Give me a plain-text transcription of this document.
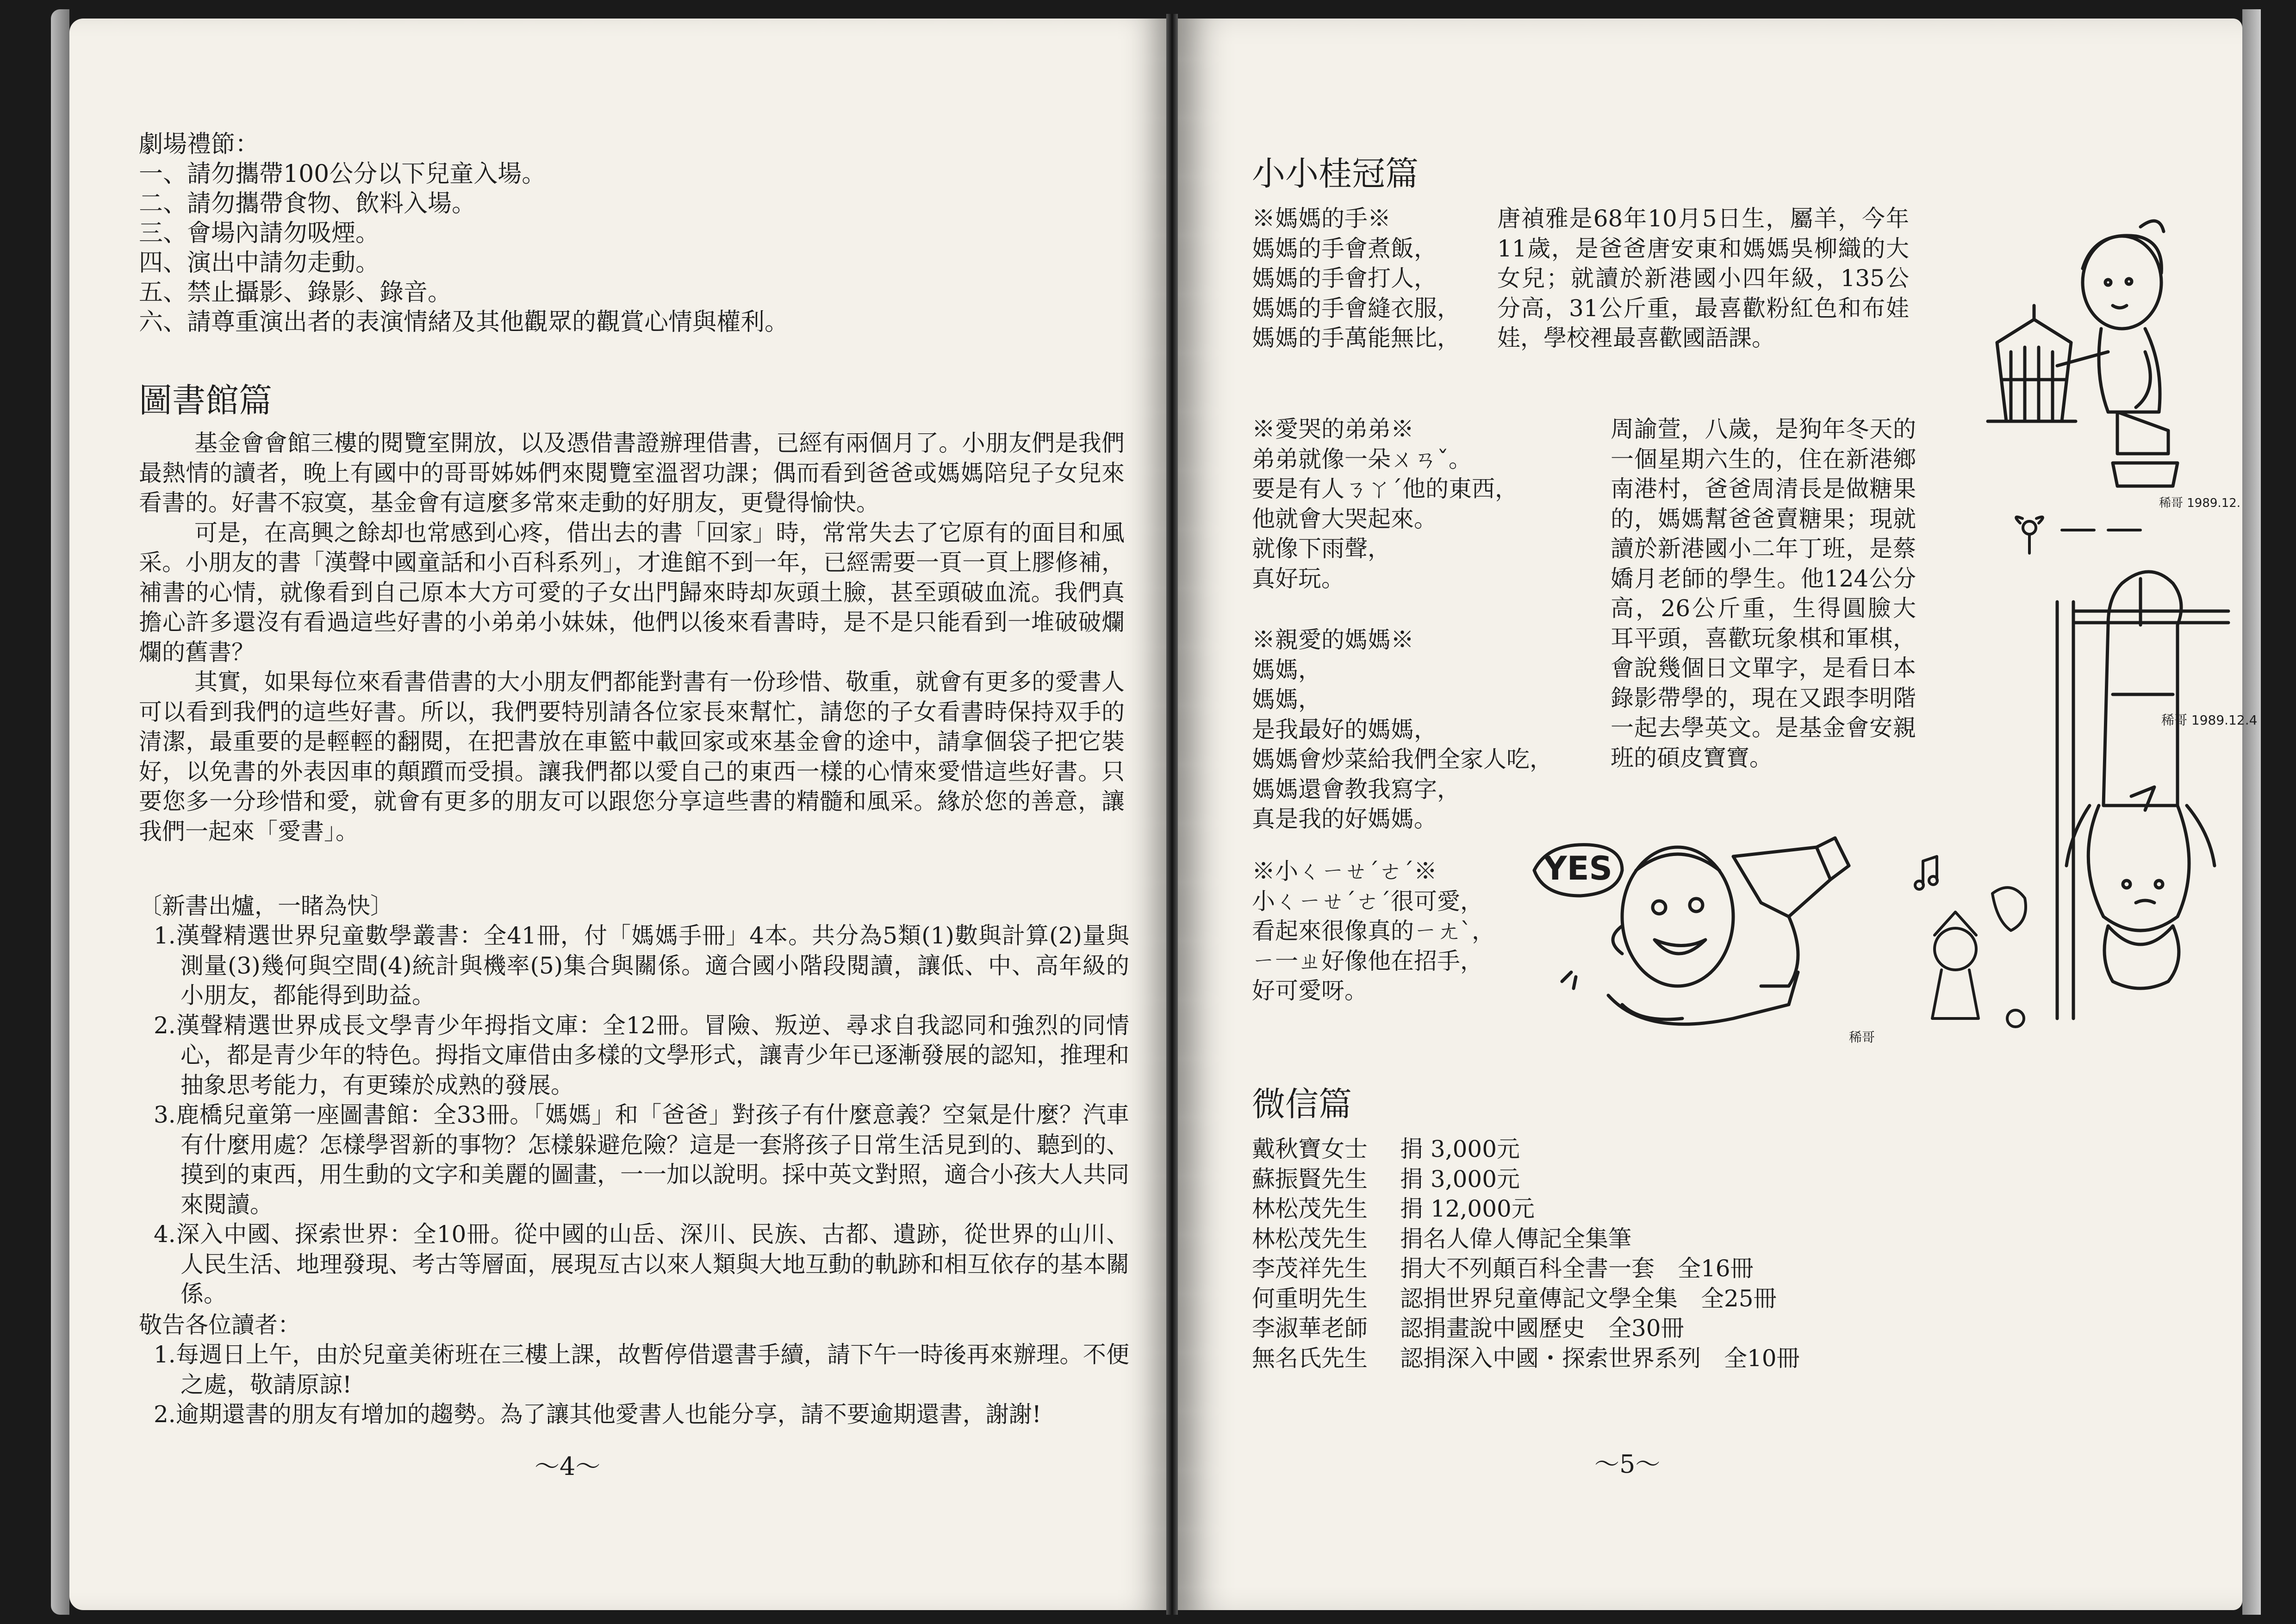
劇場禮節：
一、請勿攜帶100公分以下兒童入場。
二、請勿攜帶食物、飲料入場。
三、會場內請勿吸煙。
四、演出中請勿走動。
五、禁止攝影、錄影、錄音。
六、請尊重演出者的表演情緒及其他觀眾的觀賞心情與權利。
圖書館篇

基金會會館三樓的閱覽室開放，以及憑借書證辦理借書，已經有兩個月了。小朋友們是我們最熱情的讀者，晚上有國中的哥哥姊姊們來閱覽室溫習功課；偶而看到爸爸或媽媽陪兒子女兒來看書的。好書不寂寞，基金會有這麼多常來走動的好朋友，更覺得愉快。

可是，在高興之餘却也常感到心疼，借出去的書「回家」時，常常失去了它原有的面目和風采。小朋友的書「漢聲中國童話和小百科系列」，才進館不到一年，已經需要一頁一頁上膠修補，補書的心情，就像看到自己原本大方可愛的子女出門歸來時却灰頭土臉，甚至頭破血流。我們真擔心許多還沒有看過這些好書的小弟弟小妹妹，他們以後來看書時，是不是只能看到一堆破破爛爛的舊書？

其實，如果每位來看書借書的大小朋友們都能對書有一份珍惜、敬重，就會有更多的愛書人可以看到我們的這些好書。所以，我們要特別請各位家長來幫忙，請您的子女看書時保持双手的清潔，最重要的是輕輕的翻閱，在把書放在車籃中載回家或來基金會的途中，請拿個袋子把它裝好，以免書的外表因車的顛躓而受損。讓我們都以愛自己的東西一樣的心情來愛惜這些好書。只要您多一分珍惜和愛，就會有更多的朋友可以跟您分享這些書的精髓和風采。緣於您的善意，讓我們一起來「愛書」。

〔新書出爐，一睹為快〕
1.漢聲精選世界兒童數學叢書：全41冊，付「媽媽手冊」4本。共分為5類(1)數與計算(2)量與測量(3)幾何與空間(4)統計與機率(5)集合與關係。適合國小階段閱讀，讓低、中、高年級的小朋友，都能得到助益。
2.漢聲精選世界成長文學青少年拇指文庫：全12冊。冒險、叛逆、尋求自我認同和強烈的同情心，都是青少年的特色。拇指文庫借由多樣的文學形式，讓青少年已逐漸發展的認知，推理和抽象思考能力，有更臻於成熟的發展。
3.鹿橋兒童第一座圖書館：全33冊。「媽媽」和「爸爸」對孩子有什麼意義？空氣是什麼？汽車有什麼用處？怎樣學習新的事物？怎樣躲避危險？這是一套將孩子日常生活見到的、聽到的、摸到的東西，用生動的文字和美麗的圖畫，一一加以說明。採中英文對照，適合小孩大人共同來閱讀。
4.深入中國、探索世界：全10冊。從中國的山岳、深川、民族、古都、遺跡，從世界的山川、人民生活、地理發現、考古等層面，展現亙古以來人類與大地互動的軌跡和相互依存的基本關係。
敬告各位讀者：
1.每週日上午，由於兒童美術班在三樓上課，故暫停借還書手續，請下午一時後再來辦理。不便之處，敬請原諒!
2.逾期還書的朋友有增加的趨勢。為了讓其他愛書人也能分享，請不要逾期還書，謝謝!
～4～
小小桂冠篇
※媽媽的手※
媽媽的手會煮飯，
媽媽的手會打人，
媽媽的手會縫衣服，
媽媽的手萬能無比，
唐禎雅是68年10月5日生，屬羊，今年11歲，是爸爸唐安東和媽媽吳柳織的大女兒；就讀於新港國小四年級，135公分高，31公斤重，最喜歡粉紅色和布娃娃，學校裡最喜歡國語課。
※愛哭的弟弟※
弟弟就像一朵ㄨㄢˇ。
要是有人ㄋㄚˊ他的東西，
他就會大哭起來。
就像下雨聲，
真好玩。
周諭萱，八歲，是狗年冬天的一個星期六生的，住在新港鄉南港村，爸爸周清長是做糖果的，媽媽幫爸爸賣糖果；現就讀於新港國小二年丁班，是蔡嬌月老師的學生。他124公分高，26公斤重，生得圓臉大耳平頭，喜歡玩象棋和軍棋，會說幾個日文單字，是看日本錄影帶學的，現在又跟李明階一起去學英文。是基金會安親班的碩皮寶寶。
※親愛的媽媽※
媽媽，
媽媽，
是我最好的媽媽，
媽媽會炒菜給我們全家人吃，
媽媽還會教我寫字，
真是我的好媽媽。
※小ㄑㄧㄝˊㄜˊ※
小ㄑㄧㄝˊㄜˊ很可愛，
看起來很像真的ㄧㄤˋ，
ㄧ一ㄓ好像他在招手，
好可愛呀。
稀哥 1989.12.
稀哥 1989.12.4
YES
稀哥
微信篇
戴秋寶女士 捐 3,000元
蘇振賢先生 捐 3,000元
林松茂先生 捐 12,000元
林松茂先生 捐名人偉人傳記全集筆
李茂祥先生 捐大不列顛百科全書一套　全16冊
何重明先生 認捐世界兒童傳記文學全集　全25冊
李淑華老師 認捐畫說中國歷史　全30冊
無名氏先生 認捐深入中國・探索世界系列　全10冊
～5～
